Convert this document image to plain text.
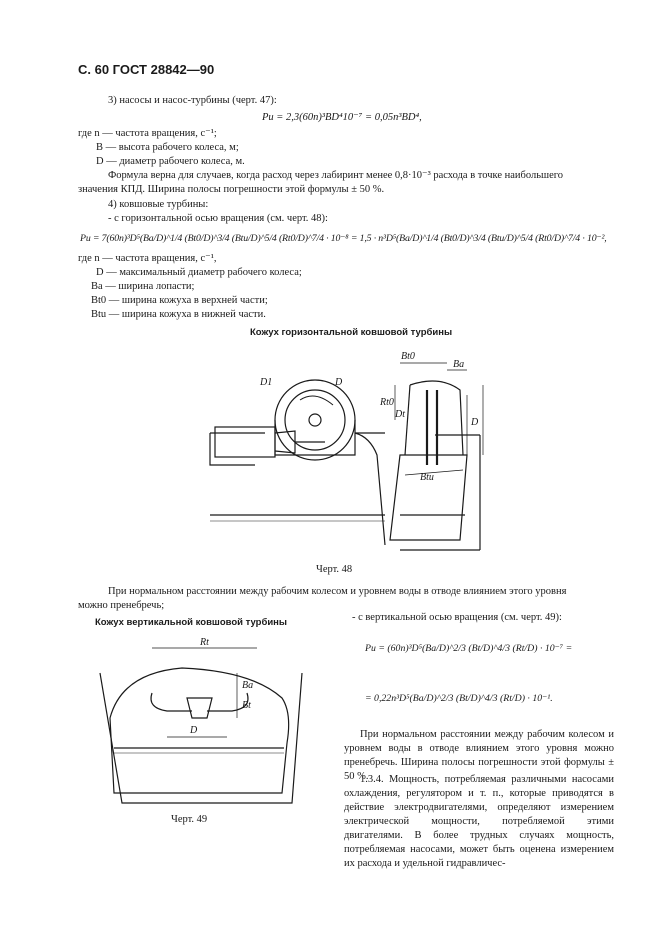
С. 60 ГОСТ 28842—90
3) насосы и насос-турбины (черт. 47):
Pu = 2,3(60n)³BD⁴10⁻⁷ = 0,05n³BD⁴,
где n — частота вращения, с⁻¹;
B — высота рабочего колеса, м;
D — диаметр рабочего колеса, м.
Формула верна для случаев, когда расход через лабиринт менее 0,8·10⁻³ расхода в точке наибольшего
значения КПД. Ширина полосы погрешности этой формулы ± 50 %.
4) ковшовые турбины:
- с горизонтальной осью вращения (см. черт. 48):
Pu = 7(60n)³D⁵(Ba/D)^1/4 (Bt0/D)^3/4 (Btu/D)^5/4 (Rt0/D)^7/4 · 10⁻⁸ = 1,5 · n³D⁵(Ba/D)^1/4 (Bt0/D)^3/4 (Btu/D)^5/4 (Rt0/D)^7/4 · 10⁻²,
где n — частота вращения, с⁻¹,
D — максимальный диаметр рабочего колеса;
Ba — ширина лопасти;
Bt0 — ширина кожуха в верхней части;
Btu — ширина кожуха в нижней части.
Кожух горизонтальной ковшовой турбины
D1	D
Bt0
Ba
Rt0
Dt
Btu
D
Черт. 48
При нормальном расстоянии между рабочим колесом и уровнем воды в отводе влиянием этого уровня
можно пренебречь;
Кожух вертикальной ковшовой турбины
Rt
Ba
Bt
D
Черт. 49
- с вертикальной осью вращения (см. черт. 49):
Pu = (60n)³D⁵(Ba/D)^2/3 (Bt/D)^4/3 (Rt/D) · 10⁻⁷ =
= 0,22n³D⁵(Ba/D)^2/3 (Bt/D)^4/3 (Rt/D) · 10⁻¹.
При нормальном расстоянии между рабочим колесом и уровнем воды в отводе влиянием этого уровня можно пренебречь. Ширина полосы погрешности этой формулы ± 50 %.
1.3.4. Мощность, потребляемая различными насосами охлаждения, регулятором и т. п., которые приводятся в действие электродвигателями, определяют измерением электрической мощности, потребляемой этими двигателями. В более трудных случаях мощность, потребляемая насосами, может быть оценена измерением их расхода и удельной гидравличес-
